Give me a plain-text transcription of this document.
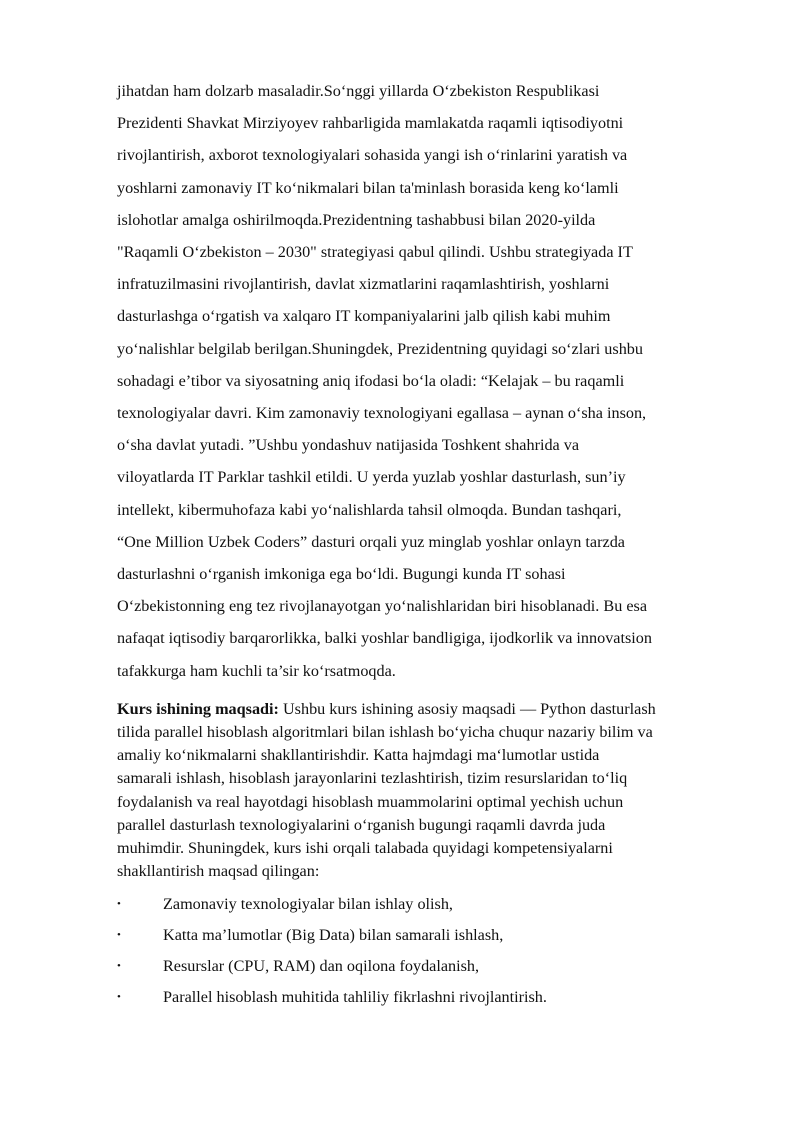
jihatdan ham dolzarb masaladir.So‘nggi yillarda O‘zbekiston Respublikasi
Prezidenti Shavkat Mirziyoyev rahbarligida mamlakatda raqamli iqtisodiyotni
rivojlantirish, axborot texnologiyalari sohasida yangi ish o‘rinlarini yaratish va
yoshlarni zamonaviy IT ko‘nikmalari bilan ta'minlash borasida keng ko‘lamli
islohotlar amalga oshirilmoqda.Prezidentning tashabbusi bilan 2020-yilda
"Raqamli O‘zbekiston – 2030" strategiyasi qabul qilindi. Ushbu strategiyada IT
infratuzilmasini rivojlantirish, davlat xizmatlarini raqamlashtirish, yoshlarni
dasturlashga o‘rgatish va xalqaro IT kompaniyalarini jalb qilish kabi muhim
yo‘nalishlar belgilab berilgan.Shuningdek, Prezidentning quyidagi so‘zlari ushbu
sohadagi e’tibor va siyosatning aniq ifodasi bo‘la oladi: “Kelajak – bu raqamli
texnologiyalar davri. Kim zamonaviy texnologiyani egallasa – aynan o‘sha inson,
o‘sha davlat yutadi. ”Ushbu yondashuv natijasida Toshkent shahrida va
viloyatlarda IT Parklar tashkil etildi. U yerda yuzlab yoshlar dasturlash, sun’iy
intellekt, kibermuhofaza kabi yo‘nalishlarda tahsil olmoqda. Bundan tashqari,
“One Million Uzbek Coders” dasturi orqali yuz minglab yoshlar onlayn tarzda
dasturlashni o‘rganish imkoniga ega bo‘ldi. Bugungi kunda IT sohasi
O‘zbekistonning eng tez rivojlanayotgan yo‘nalishlaridan biri hisoblanadi. Bu esa
nafaqat iqtisodiy barqarorlikka, balki yoshlar bandligiga, ijodkorlik va innovatsion
tafakkurga ham kuchli ta’sir ko‘rsatmoqda.
Kurs ishining maqsadi: Ushbu kurs ishining asosiy maqsadi — Python dasturlash
tilida parallel hisoblash algoritmlari bilan ishlash bo‘yicha chuqur nazariy bilim va
amaliy ko‘nikmalarni shakllantirishdir. Katta hajmdagi ma‘lumotlar ustida
samarali ishlash, hisoblash jarayonlarini tezlashtirish, tizim resurslaridan to‘liq
foydalanish va real hayotdagi hisoblash muammolarini optimal yechish uchun
parallel dasturlash texnologiyalarini o‘rganish bugungi raqamli davrda juda
muhimdir. Shuningdek, kurs ishi orqali talabada quyidagi kompetensiyalarni
shakllantirish maqsad qilingan:
•	Zamonaviy texnologiyalar bilan ishlay olish,
•	Katta ma’lumotlar (Big Data) bilan samarali ishlash,
•	Resurslar (CPU, RAM) dan oqilona foydalanish,
•	Parallel hisoblash muhitida tahliliy fikrlashni rivojlantirish.
